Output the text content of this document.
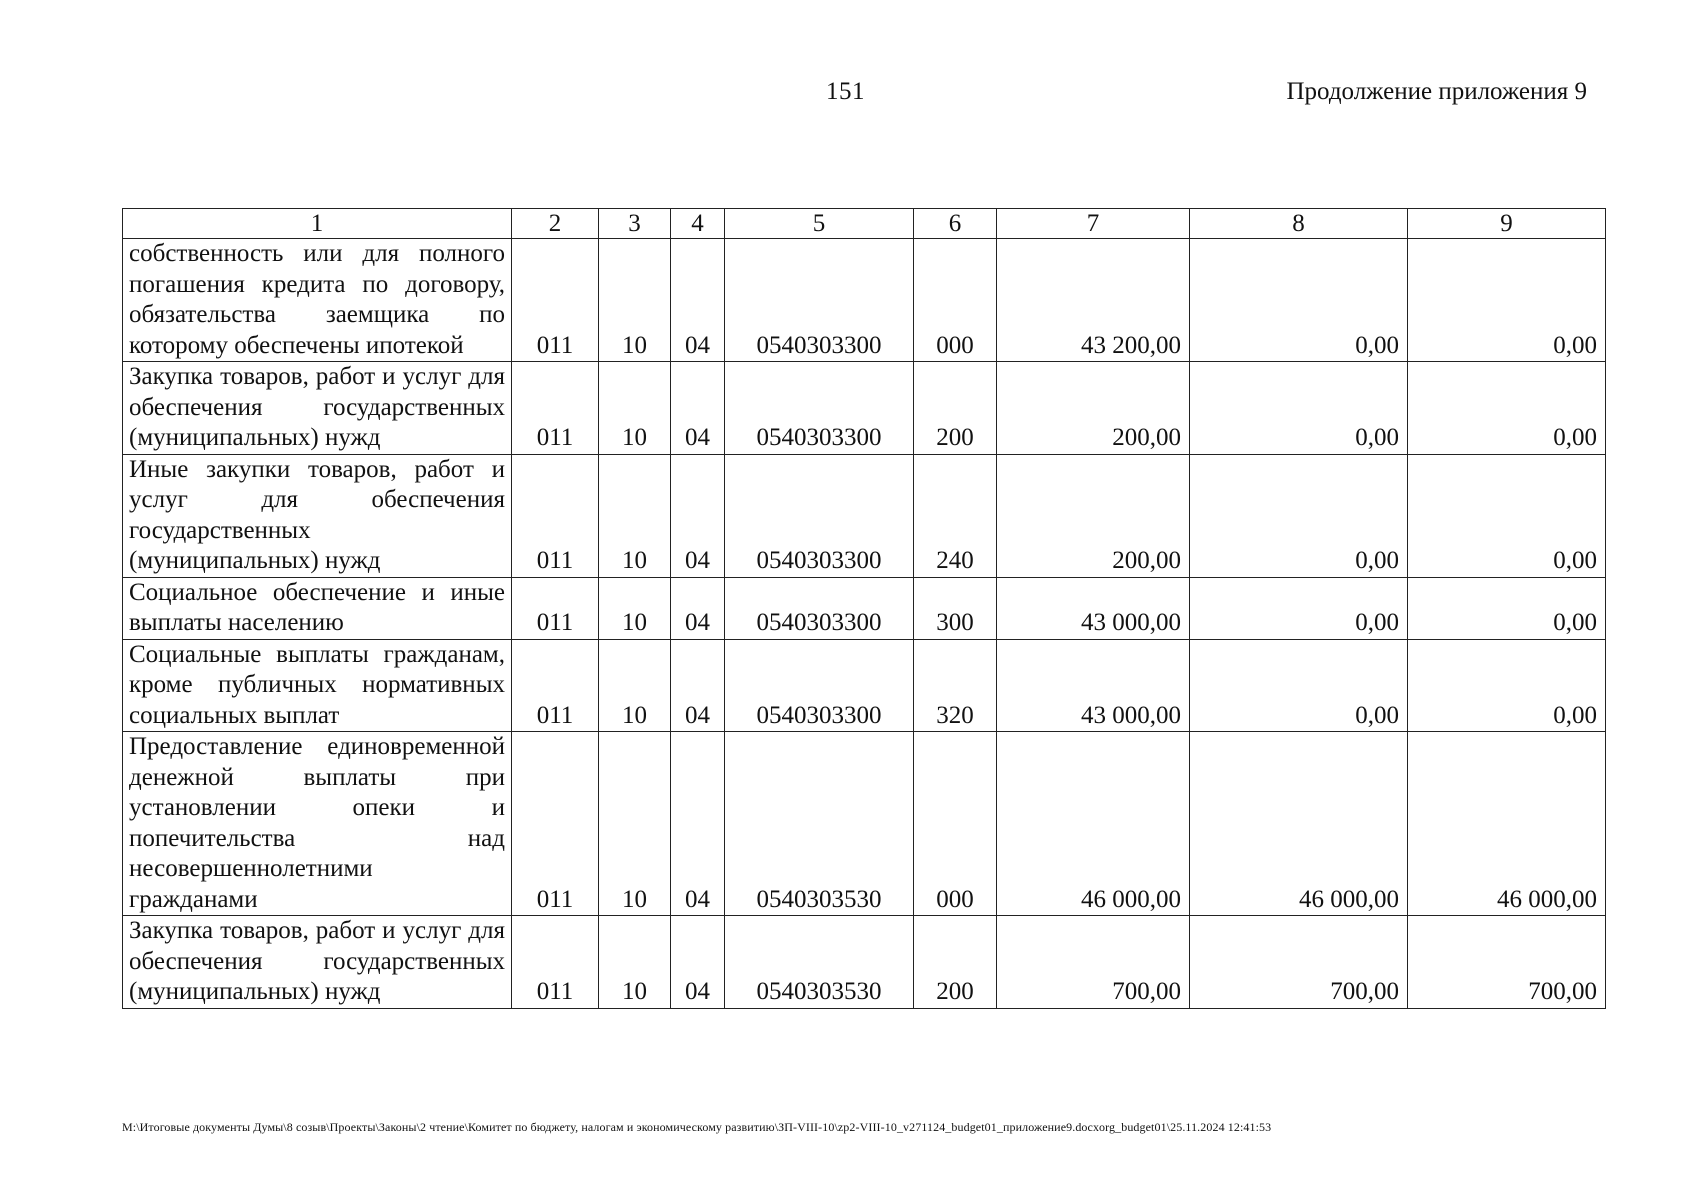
151	Продолжение приложения 9
1	2	3	4	5	6	7	8	9
собственность или для полного погашения кредита по договору, обязательства заемщика по которому обеспечены ипотекой	011	10	04	0540303300	000	43 200,00	0,00	0,00
Закупка товаров, работ и услуг для обеспечения государственных (муниципальных) нужд	011	10	04	0540303300	200	200,00	0,00	0,00
Иные закупки товаров, работ и услуг для обеспечения государственных (муниципальных) нужд	011	10	04	0540303300	240	200,00	0,00	0,00
Социальное обеспечение и иные выплаты населению	011	10	04	0540303300	300	43 000,00	0,00	0,00
Социальные выплаты гражданам, кроме публичных нормативных социальных выплат	011	10	04	0540303300	320	43 000,00	0,00	0,00
Предоставление единовременной денежной выплаты при установлении опеки и попечительства над несовершеннолетними гражданами	011	10	04	0540303530	000	46 000,00	46 000,00	46 000,00
Закупка товаров, работ и услуг для обеспечения государственных (муниципальных) нужд	011	10	04	0540303530	200	700,00	700,00	700,00
M:\Итоговые документы Думы\8 созыв\Проекты\Законы\2 чтение\Комитет по бюджету, налогам и экономическому развитию\ЗП-VIII-10\zp2-VIII-10_v271124_budget01_приложение9.docxorg_budget01\25.11.2024 12:41:53
